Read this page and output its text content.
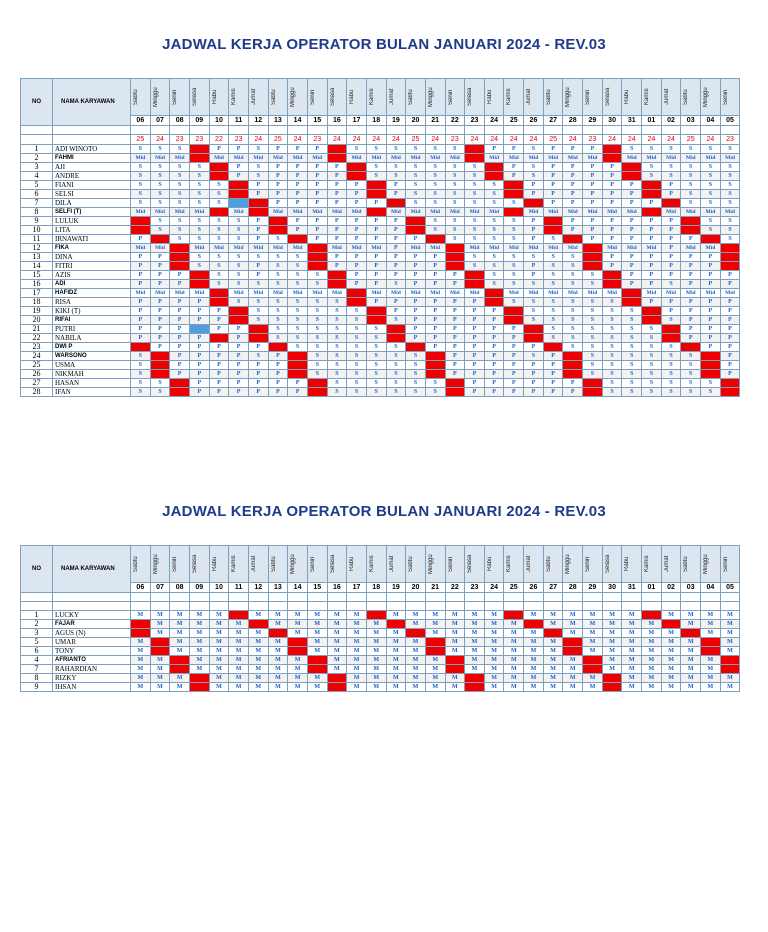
JADWAL KERJA OPERATOR BULAN JANUARI 2024 - REV.03
NO	NAMA KARYAWAN	Sabtu	Minggu	Senin	Selasa	Rabu	Kamis	Jumat	Sabtu	Minggu	Senin	Selasa	Rabu	Kamis	Jumat	Sabtu	Minggu	Senin	Selasa	Rabu	Kamis	Jumat	Sabtu	Minggu	Senin	Selasa	Rabu	Kamis	Jumat	Sabtu	Minggu	Senin

		06	07	08	09	10	11	12	13	14	15	16	17	18	19	20	21	22	23	24	25	26	27	28	29	30	31	01	02	03	04	05

		25	24	23	23	22	23	24	25	24	23	24	24	24	24	25	24	23	24	24	24	24	25	24	23	24	24	24	24	25	24	23
1	ADI WINOTO	S	S	S		P	P	S	P	P	P		S	S	S	S	S	S		P	P	S	P	P	P		S	S	S	S	S	S
2	FAHMI	Mid	Mid	Mid		Mid	Mid	Mid	Mid	Mid	Mid		Mid	Mid	Mid	Mid	Mid	Mid		Mid	Mid	Mid	Mid	Mid	Mid		Mid	Mid	Mid	Mid	Mid	Mid
3	AJI	S	S	S	S		P	S	P	P	P	P		S	S	S	S	S	S		P	S	P	P	P	P		S	S	S	S	S
4	ANDRE	S	S	S	S		P	S	P	P	P	P		S	S	S	S	S	S		P	S	P	P	P	P		S	S	S	S	S
5	FIANI	S	S	S	S	S		P	P	P	P	P	P		P	S	S	S	S	S		P	P	P	P	P	P		P	S	S	S
6	SELSI	S	S	S	S	S		P	P	P	P	P	P		P	S	S	S	S	S		P	P	P	P	P	P		P	S	S	S
7	DILA	S	S	S	S	S			P	P	P	P	P	P		S	S	S	S	S	S		P	P	P	P	P	P		S	S	S
8	SELFI (T)	Mid	Mid	Mid	Mid		Mid		Mid	Mid	Mid	Mid	Mid		Mid	Mid	Mid	Mid	Mid	Mid		Mid	Mid	Mid	Mid	Mid	Mid		Mid	Mid	Mid	Mid
9	LULUK		S	S	S	S	S	P		P	P	P	P	P	P		S	S	S	S	S	P		P	P	P	P	P	P		S	S
10	LITA		S	S	S	S	S	P		P	P	P	P	P	P		S	S	S	S	S	P		P	P	P	P	P	P		S	S
11	IRNAWATI	P		S	S	S	S	P	S		P	P	P	P	P	P		S	S	S	S	P	S		P	P	P	P	P	P		S
12	FIKA	Mid	Mid		Mid	Mid	Mid	Mid	Mid	Mid		Mid	Mid	Mid	P	Mid	Mid		Mid	Mid	Mid	Mid	Mid	Mid		Mid	Mid	Mid	P	Mid	Mid	
13	DINA	P	P		S	S	S	S	S	S		P	P	P	P	P	P		S	S	S	S	S	S		P	P	P	P	P	P	
14	FITRI	P	P		S	S	S	P	S	S		P	P	P	P	P	P		S	S	S	P	S	S		P	P	P	P	P	P	
15	AZIS	P	P	P		S	S	P	S	S	S		P	P	P	P	P	P		S	S	P	S	S	S		P	P	P	P	P	P
16	ADI	P	P	P		S	S	S	S	S	S		P	P	S	P	P	P		S	S	S	S	S	S		P	P	S	P	P	P
17	HAFIDZ	Mid	Mid	Mid	Mid		Mid	Mid	Mid	Mid	Mid	Mid		Mid	Mid	Mid	Mid	Mid	Mid		Mid	Mid	Mid	Mid	Mid	Mid		Mid	Mid	Mid	Mid	Mid
18	RISA	P	P	P	P		S	S	S	S	S	S		P	P	P	P	P	P		S	S	S	S	S	S		P	P	P	P	P
19	KIKI (T)	P	P	P	P	P		S	S	S	S	S	S		P	P	P	P	P	P		S	S	S	S	S	S		P	P	P	P
20	RIFAI	P	P	P	P	P		S	S	S	S	S	S		S	P	P	P	P	P		S	S	S	S	S	S		S	P	P	P
21	PUTRI	P	P	P		P	P		S	S	S	S	S	S		P	P	P	P	P	P		S	S	S	S	S	S		P	P	P
22	NABILA	P	P	P	P		P		S	S	S	S	S	S		P	P	P	P	P	P		S	S	S	S	S	S		P	P	P
23	DWI P		P	P	P	P	P	P		S	S	S	S	S	S		P	P	P	P	P	P		S	S	S	S	S	S		P	P
24	WARSONO	S		P	P	P	P	S	P		S	S	S	S	S	S		P	P	P	P	S	P		S	S	S	S	S	S		P
25	USMA	S		P	P	P	P	P	P		S	S	S	S	S	S		P	P	P	P	P	P		S	S	S	S	S	S		P
26	NIKMAH	S		P	P	P	P	P	P		S	S	S	S	S	S		P	P	P	P	P	P		S	S	S	S	S	S		P
27	HASAN	S	S		P	P	P	P	P	P		S	S	S	S	S	S		P	P	P	P	P	P		S	S	S	S	S	S	
28	IFAN	S	S		P	P	P	P	P	P		S	S	S	S	S	S		P	P	P	P	P	P		S	S	S	S	S	S	
JADWAL KERJA OPERATOR BULAN JANUARI 2024 - REV.03
NO	NAMA KARYAWAN	Sabtu	Minggu	Senin	Selasa	Rabu	Kamis	Jumat	Sabtu	Minggu	Senin	Selasa	Rabu	Kamis	Jumat	Sabtu	Minggu	Senin	Selasa	Rabu	Kamis	Jumat	Sabtu	Minggu	Senin	Selasa	Rabu	Kamis	Jumat	Sabtu	Minggu	Senin

		06	07	08	09	10	11	12	13	14	15	16	17	18	19	20	21	22	23	24	25	26	27	28	29	30	31	01	02	03	04	05

1	LUCKY	M	M	M	M	M		M	M	M	M	M	M		M	M	M	M	M	M		M	M	M	M	M	M		M	M	M	M
2	FAJAR		M	M	M	M	M		M	M	M	M	M	M		M	M	M	M	M	M		M	M	M	M	M	M		M	M	M
3	AGUS (N)		M	M	M	M	M	M		M	M	M	M	M	M		M	M	M	M	M	M		M	M	M	M	M	M		M	M
5	UMAR	M		M	M	M	M	M	M		M	M	M	M	M	M		M	M	M	M	M	M		M	M	M	M	M	M		M
6	TONY	M		M	M	M	M	M	M		M	M	M	M	M	M		M	M	M	M	M	M		M	M	M	M	M	M		M
4	AFRIANTO	M	M		M	M	M	M	M	M		M	M	M	M	M	M		M	M	M	M	M	M		M	M	M	M	M	M	
7	RAHARDIAN	M	M		M	M	M	M	M	M		M	M	M	M	M	M		M	M	M	M	M	M		M	M	M	M	M	M	
8	RIZKY	M	M	M		M	M	M	M	M	M		M	M	M	M	M	M		M	M	M	M	M	M		M	M	M	M	M	M
9	IHSAN	M	M	M		M	M	M	M	M	M		M	M	M	M	M	M		M	M	M	M	M	M		M	M	M	M	M	M
